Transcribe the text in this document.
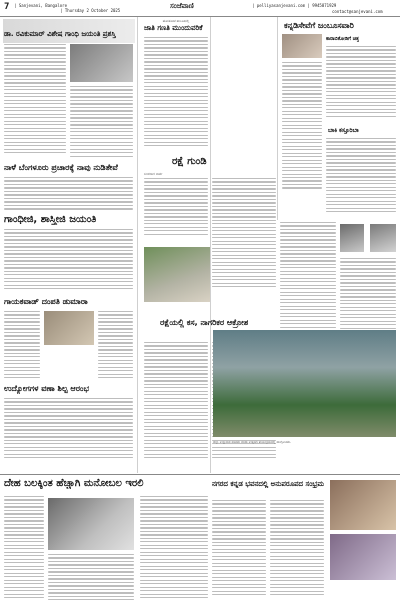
7 | Sanjevani, Bangalore
| Thursday 2 October 2025
ಸಂಜೆವಾಣಿ	| pelliyasanjevani.com | 9945871929
contact@sanjevani.com
ಡಾ. ರವಿಕುಮಾರ್ ವಿಶೇಷ ಗಾಂಧಿ ಜಯಂತಿ ಪ್ರಶಸ್ತಿ
ನಾಳೆ ಬೆಂಗಳೂರು ಪ್ರಚಾರಕ್ಕೆ ನಾವು ನುಡಿತೇವೆ
ಗಾಂಧೀಜಿ, ಶಾಸ್ತ್ರೀಜಿ ಜಯಂತಿ
ಗಾಯಕವಾಡ್ ದಂಪತಿ ಡುಮಾರಾ
ಉದ್ಯೋಗಗಳ ವಣಾ ಶಿಲ್ಪ ಆರಂಭ
ಹೊಸಕೋಟೆ ತಾಲೂಕಿನಲ್ಲಿ
ಜಾತಿ ಗಣತಿ ಮುಂದುವರಿಕೆ
ರಕ್ಷೆ ಗುಂಡಿ
ಸಂಜೆವಾಣಿ ವಾರ್ತೆ
ರಕ್ಷೆಯಲ್ಲಿ ಕಸ, ನಾಗರಿಕರ ಆಕ್ರೋಶ
ಕನ್ನಡಿಸೇವೆಗೆ ಜಂಬೂಸವಾರಿ
ಕಾರಾಬಿಕೋಡಿಗೆ ಚಿತ್ತ
ಬಾಕಿ ಕಸ್ತೂರಿಬಾ
ಜಿಲ್ಲಾ ಉಸ್ತುವಾರಿ ಸಚಿವರು ದಸರಾ ಉತ್ಸವದ ಕಾರ್ಯಕ್ರಮದಲ್ಲಿ ಪಾಲ್ಗೊಂಡರು.
ದೇಹ ಬಲಕ್ಕಿಂತ ಹೆಚ್ಚಾಗಿ ಮನೋಬಲ ಇರಲಿ	ನಗರದ ಕನ್ನಡ ಭವನದಲ್ಲಿ ಅನುಪರೂಪದ ಸಂಭ್ರಮ
